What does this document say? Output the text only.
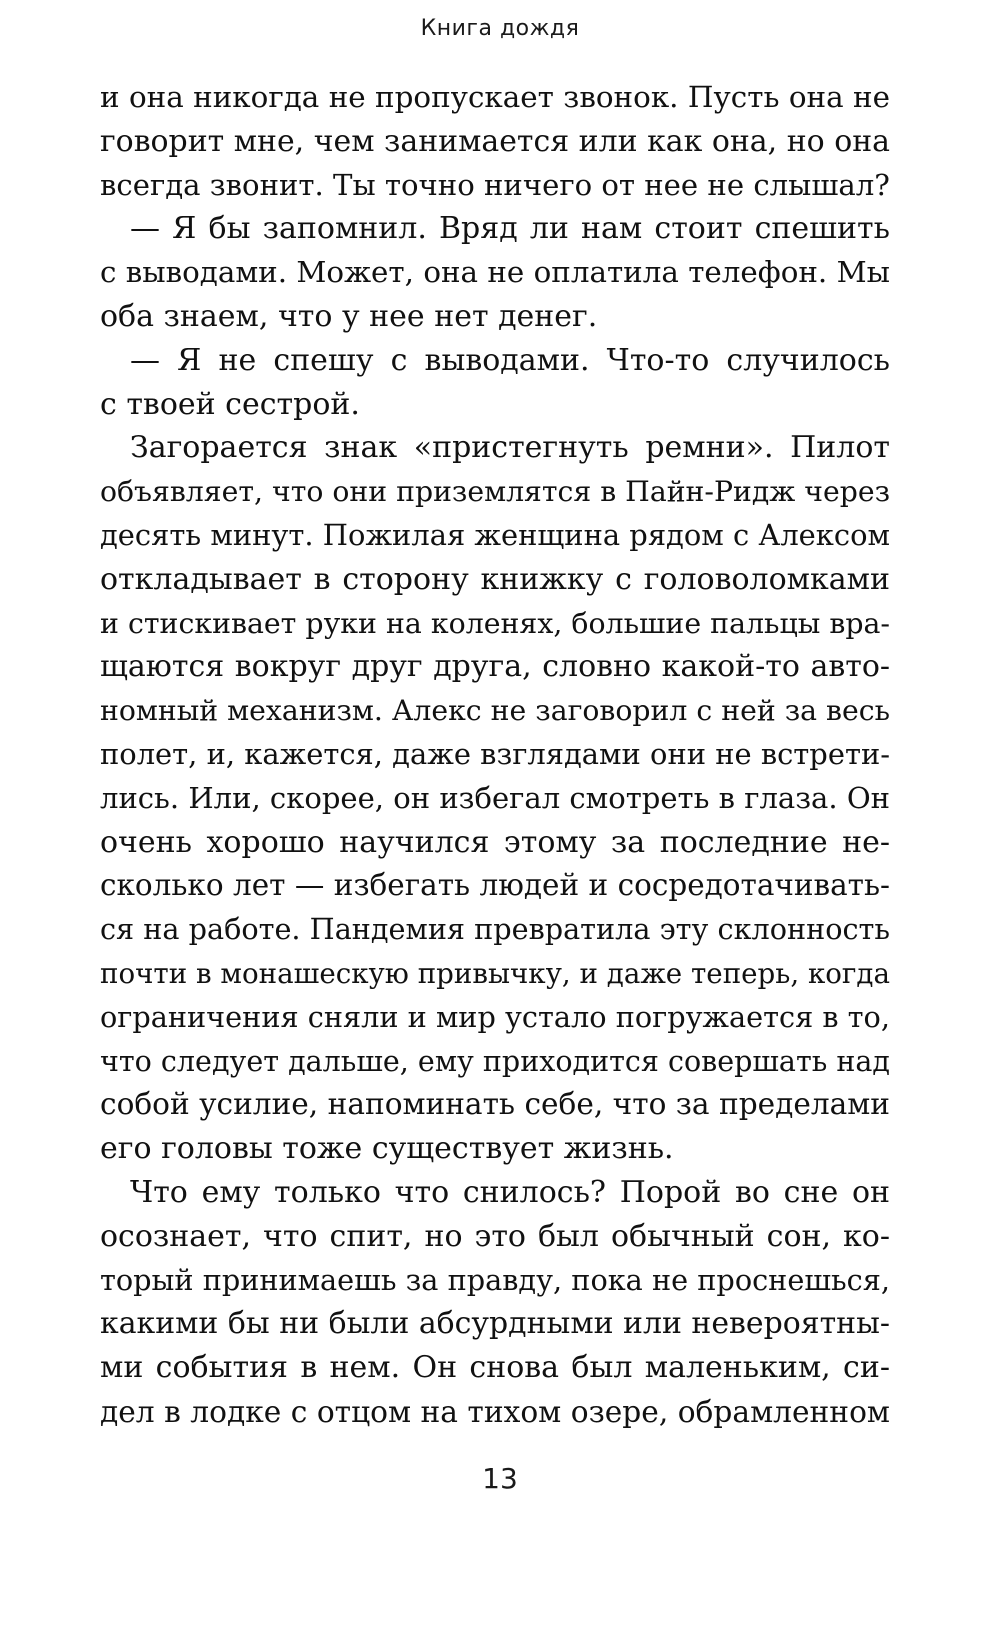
Книга дождя
и она никогда не пропускает звонок. Пусть она не
говорит мне, чем занимается или как она, но она
всегда звонит. Ты точно ничего от нее не слышал?
— Я бы запомнил. Вряд ли нам стоит спешить
с выводами. Может, она не оплатила телефон. Мы
оба знаем, что у нее нет денег.
— Я не спешу с выводами. Что-то случилось
с твоей сестрой.
Загорается знак «пристегнуть ремни». Пилот
объявляет, что они приземлятся в Пайн-Ридж через
десять минут. Пожилая женщина рядом с Алексом
откладывает в сторону книжку с головоломками
и стискивает руки на коленях, большие пальцы вра-
щаются вокруг друг друга, словно какой-то авто-
номный механизм. Алекс не заговорил с ней за весь
полет, и, кажется, даже взглядами они не встрети-
лись. Или, скорее, он избегал смотреть в глаза. Он
очень хорошо научился этому за последние не-
сколько лет — избегать людей и сосредотачивать-
ся на работе. Пандемия превратила эту склонность
почти в монашескую привычку, и даже теперь, когда
ограничения сняли и мир устало погружается в то,
что следует дальше, ему приходится совершать над
собой усилие, напоминать себе, что за пределами
его головы тоже существует жизнь.
Что ему только что снилось? Порой во сне он
осознает, что спит, но это был обычный сон, ко-
торый принимаешь за правду, пока не проснешься,
какими бы ни были абсурдными или невероятны-
ми события в нем. Он снова был маленьким, си-
дел в лодке с отцом на тихом озере, обрамленном
13
